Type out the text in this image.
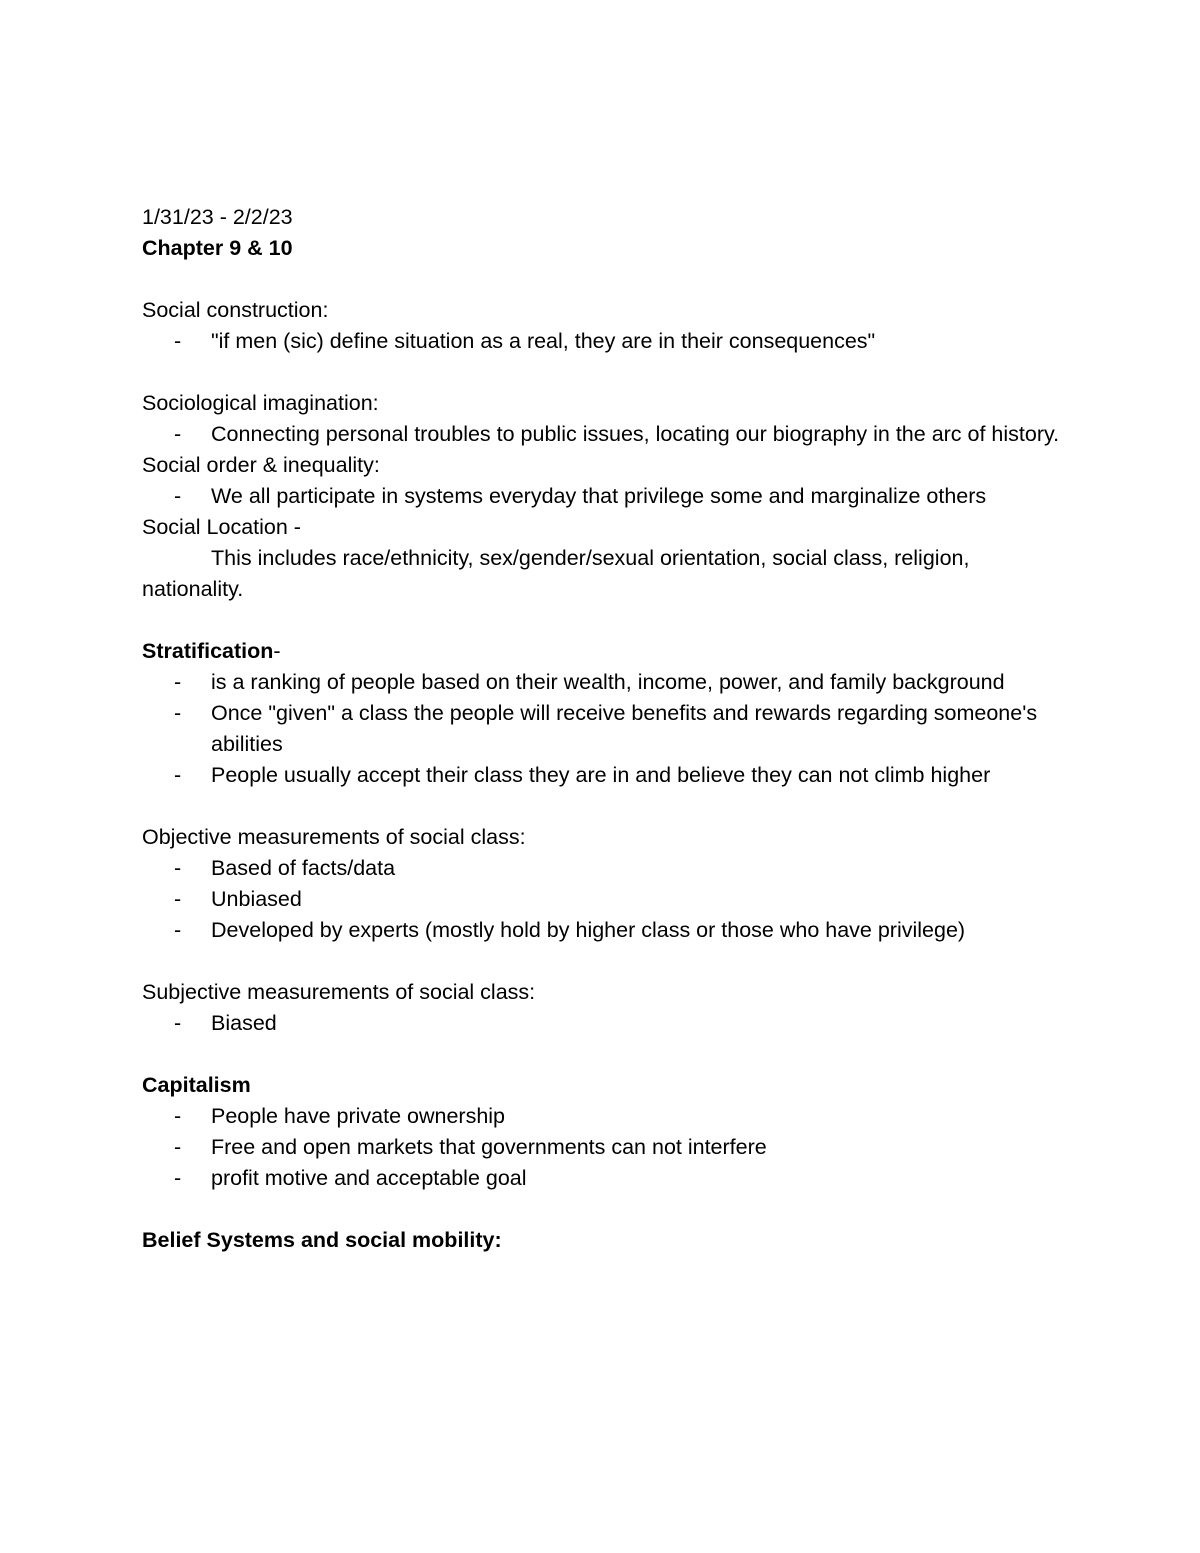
1/31/23 - 2/2/23

Chapter 9 & 10

Social construction:

- "if men (sic) define situation as a real, they are in their consequences"

Sociological imagination:

- Connecting personal troubles to public issues, locating our biography in the arc of history.

Social order & inequality:

- We all participate in systems everyday that privilege some and marginalize others

Social Location -

This includes race/ethnicity, sex/gender/sexual orientation, social class, religion, nationality.

Stratification-

- is a ranking of people based on their wealth, income, power, and family background

- Once "given" a class the people will receive benefits and rewards regarding someone's abilities

- People usually accept their class they are in and believe they can not climb higher

Objective measurements of social class:

- Based of facts/data

- Unbiased

- Developed by experts (mostly hold by higher class or those who have privilege)

Subjective measurements of social class:

- Biased

Capitalism

- People have private ownership

- Free and open markets that governments can not interfere

- profit motive and acceptable goal

Belief Systems and social mobility:
